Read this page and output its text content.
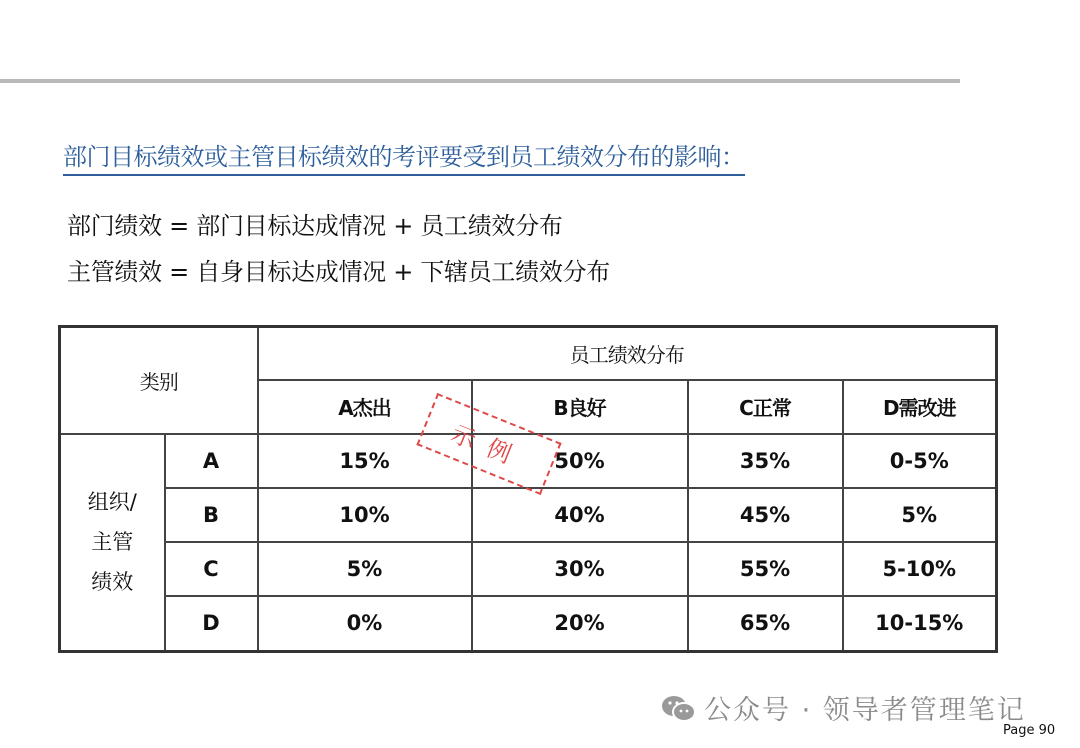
部门目标绩效或主管目标绩效的考评要受到员工绩效分布的影响：
部门绩效 = 部门目标达成情况 + 员工绩效分布
主管绩效 = 自身目标达成情况 + 下辖员工绩效分布
类别		员工绩效分布			
		A杰出	B良好	C正常	D需改进

组织/
主管
绩效	A	15%	50%	35%	0-5%
	B	10%	40%	45%	5%
	C	5%	30%	55%	5-10%
	D	0%	20%	65%	10-15%
示例
公众号 · 领导者管理笔记
Page 90
